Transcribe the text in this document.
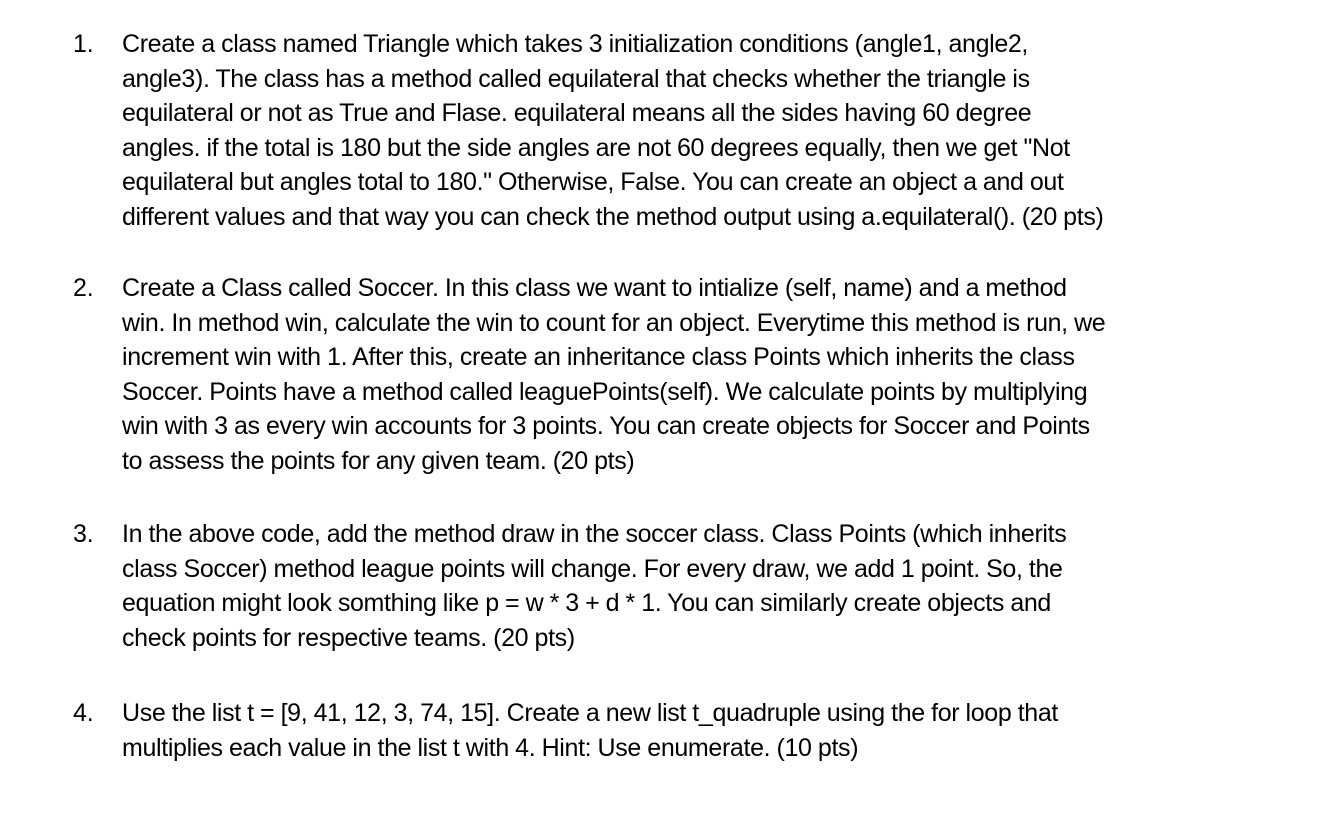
1. Create a class named Triangle which takes 3 initialization conditions (angle1, angle2,
angle3). The class has a method called equilateral that checks whether the triangle is
equilateral or not as True and Flase. equilateral means all the sides having 60 degree
angles. if the total is 180 but the side angles are not 60 degrees equally, then we get "Not
equilateral but angles total to 180." Otherwise, False. You can create an object a and out
different values and that way you can check the method output using a.equilateral(). (20 pts)
2. Create a Class called Soccer. In this class we want to intialize (self, name) and a method
win. In method win, calculate the win to count for an object. Everytime this method is run, we
increment win with 1. After this, create an inheritance class Points which inherits the class
Soccer. Points have a method called leaguePoints(self). We calculate points by multiplying
win with 3 as every win accounts for 3 points. You can create objects for Soccer and Points
to assess the points for any given team. (20 pts)
3. In the above code, add the method draw in the soccer class. Class Points (which inherits
class Soccer) method league points will change. For every draw, we add 1 point. So, the
equation might look somthing like p = w * 3 + d * 1. You can similarly create objects and
check points for respective teams. (20 pts)
4. Use the list t = [9, 41, 12, 3, 74, 15]. Create a new list t_quadruple using the for loop that
multiplies each value in the list t with 4. Hint: Use enumerate. (10 pts)
